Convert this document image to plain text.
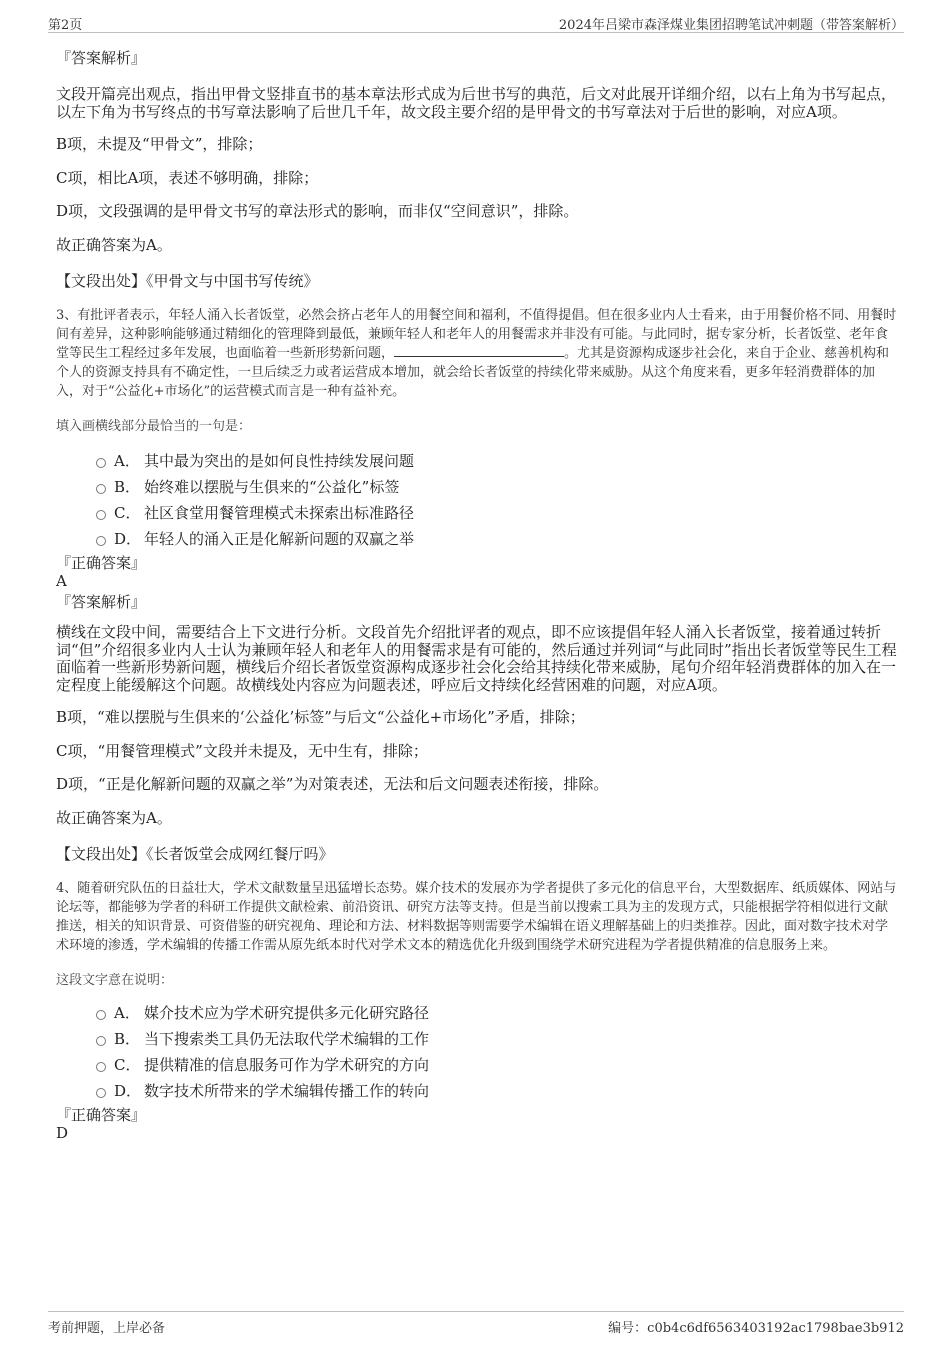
第2页	2024年吕梁市森泽煤业集团招聘笔试冲刺题（带答案解析）

『答案解析』

文段开篇亮出观点，指出甲骨文竖排直书的基本章法形式成为后世书写的典范，后文对此展开详细介绍，以右上角为书写起点，以左下角为书写终点的书写章法影响了后世几千年，故文段主要介绍的是甲骨文的书写章法对于后世的影响，对应A项。

B项，未提及“甲骨文”，排除；

C项，相比A项，表述不够明确，排除；

D项，文段强调的是甲骨文书写的章法形式的影响，而非仅“空间意识”，排除。

故正确答案为A。

【文段出处】《甲骨文与中国书写传统》

3、有批评者表示，年轻人涌入长者饭堂，必然会挤占老年人的用餐空间和福利，不值得提倡。但在很多业内人士看来，由于用餐价格不同、用餐时间有差异，这种影响能够通过精细化的管理降到最低，兼顾年轻人和老年人的用餐需求并非没有可能。与此同时，据专家分析，长者饭堂、老年食堂等民生工程经过多年发展，也面临着一些新形势新问题，	。尤其是资源构成逐步社会化，来自于企业、慈善机构和个人的资源支持具有不确定性，一旦后续乏力或者运营成本增加，就会给长者饭堂的持续化带来威胁。从这个角度来看，更多年轻消费群体的加入，对于“公益化+市场化”的运营模式而言是一种有益补充。

填入画横线部分最恰当的一句是：

A． 其中最为突出的是如何良性持续发展问题
B． 始终难以摆脱与生俱来的“公益化”标签
C． 社区食堂用餐管理模式未探索出标准路径
D． 年轻人的涌入正是化解新问题的双赢之举

『正确答案』

A

『答案解析』

横线在文段中间，需要结合上下文进行分析。文段首先介绍批评者的观点，即不应该提倡年轻人涌入长者饭堂，接着通过转折词“但”介绍很多业内人士认为兼顾年轻人和老年人的用餐需求是有可能的，然后通过并列词“与此同时”指出长者饭堂等民生工程面临着一些新形势新问题，横线后介绍长者饭堂资源构成逐步社会化会给其持续化带来威胁，尾句介绍年轻消费群体的加入在一定程度上能缓解这个问题。故横线处内容应为问题表述，呼应后文持续化经营困难的问题，对应A项。

B项，“难以摆脱与生俱来的‘公益化’标签”与后文“公益化+市场化”矛盾，排除；

C项，“用餐管理模式”文段并未提及，无中生有，排除；

D项，“正是化解新问题的双赢之举”为对策表述，无法和后文问题表述衔接，排除。

故正确答案为A。

【文段出处】《长者饭堂会成网红餐厅吗》

4、随着研究队伍的日益壮大，学术文献数量呈迅猛增长态势。媒介技术的发展亦为学者提供了多元化的信息平台，大型数据库、纸质媒体、网站与论坛等，都能够为学者的科研工作提供文献检索、前沿资讯、研究方法等支持。但是当前以搜索工具为主的发现方式，只能根据学符相似进行文献推送，相关的知识背景、可资借鉴的研究视角、理论和方法、材料数据等则需要学术编辑在语义理解基础上的归类推荐。因此，面对数字技术对学术环境的渗透，学术编辑的传播工作需从原先纸本时代对学术文本的精选优化升级到围绕学术研究进程为学者提供精准的信息服务上来。

这段文字意在说明：

A． 媒介技术应为学术研究提供多元化研究路径
B． 当下搜索类工具仍无法取代学术编辑的工作
C． 提供精准的信息服务可作为学术研究的方向
D． 数字技术所带来的学术编辑传播工作的转向

『正确答案』

D

考前押题，上岸必备	编号：c0b4c6df6563403192ac1798bae3b912
